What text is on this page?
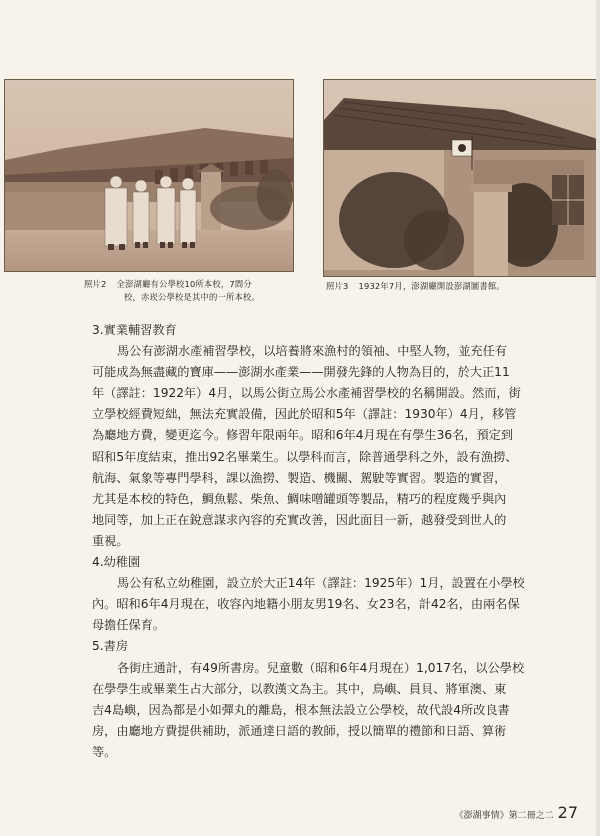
照片2 全澎湖廳有公學校10所本校，7間分
校，赤崁公學校是其中的一所本校。
照片3 1932年7月，澎湖廳開設澎湖圖書館。
3.實業輔習教育
馬公有澎湖水產補習學校，以培養將來漁村的領袖、中堅人物，並充任有
可能成為無盡藏的寶庫——澎湖水產業——開發先鋒的人物為目的，於大正11
年（譯註：1922年）4月，以馬公街立馬公水產補習學校的名稱開設。然而，街
立學校經費短絀，無法充實設備，因此於昭和5年（譯註：1930年）4月，移管
為廳地方費，變更迄今。修習年限兩年。昭和6年4月現在有學生36名，預定到
昭和5年度結束，推出92名畢業生。以學科而言，除普通學科之外，設有漁撈、
航海、氣象等專門學科，課以漁撈、製造、機關、駕駛等實習。製造的實習，
尤其是本校的特色，鯛魚鬆、柴魚、鯛味噌罐頭等製品，精巧的程度幾乎與內
地同等，加上正在銳意謀求內容的充實改善，因此面目一新，越發受到世人的
重視。
4.幼稚園
馬公有私立幼稚園，設立於大正14年（譯註：1925年）1月，設置在小學校
內。昭和6年4月現在，收容內地籍小朋友男19名、女23名，計42名，由兩名保
母擔任保育。
5.書房
各街庄通計，有49所書房。兒童數（昭和6年4月現在）1,017名，以公學校
在學學生或畢業生占大部分，以教漢文為主。其中，鳥嶼、員貝、將軍澳、東
吉4島嶼，因為都是小如彈丸的離島，根本無法設立公學校，故代設4所改良書
房，由廳地方費提供補助，派通達日語的教師，授以簡單的禮節和日語、算術
等。
《澎湖事情》第二冊之二 27
